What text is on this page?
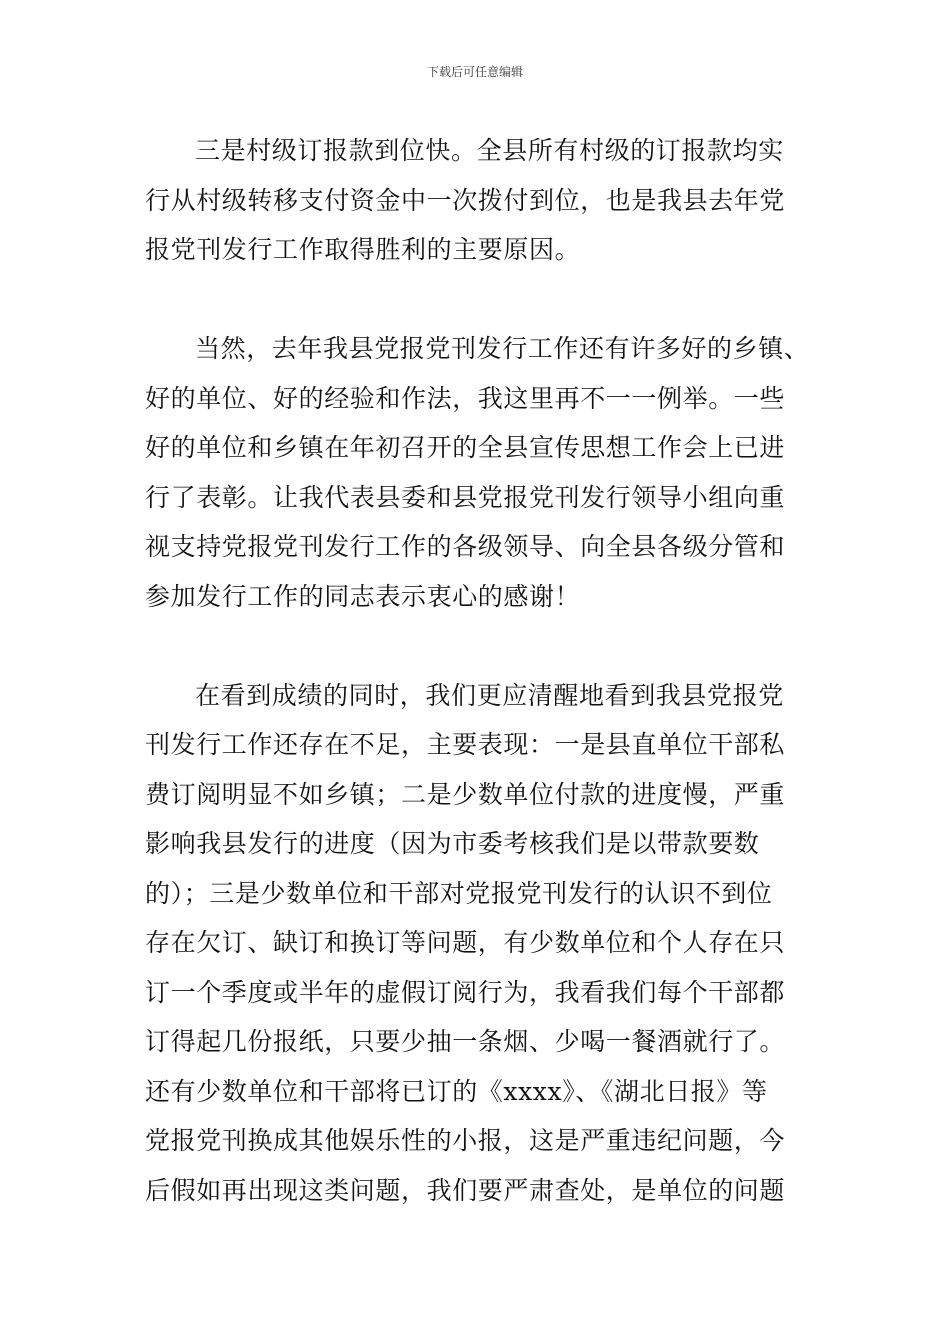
下载后可任意编辑
三是村级订报款到位快。全县所有村级的订报款均实
行从村级转移支付资金中一次拨付到位，也是我县去年党
报党刊发行工作取得胜利的主要原因。
当然，去年我县党报党刊发行工作还有许多好的乡镇、
好的单位、好的经验和作法，我这里再不一一例举。一些
好的单位和乡镇在年初召开的全县宣传思想工作会上已进
行了表彰。让我代表县委和县党报党刊发行领导小组向重
视支持党报党刊发行工作的各级领导、向全县各级分管和
参加发行工作的同志表示衷心的感谢！
在看到成绩的同时，我们更应清醒地看到我县党报党
刊发行工作还存在不足，主要表现：一是县直单位干部私
费订阅明显不如乡镇；二是少数单位付款的进度慢，严重
影响我县发行的进度（因为市委考核我们是以带款要数
的）；三是少数单位和干部对党报党刊发行的认识不到位
存在欠订、缺订和换订等问题，有少数单位和个人存在只
订一个季度或半年的虚假订阅行为，我看我们每个干部都
订得起几份报纸，只要少抽一条烟、少喝一餐酒就行了。
还有少数单位和干部将已订的《xxxx》、《湖北日报》等
党报党刊换成其他娱乐性的小报，这是严重违纪问题，今
后假如再出现这类问题，我们要严肃查处，是单位的问题
